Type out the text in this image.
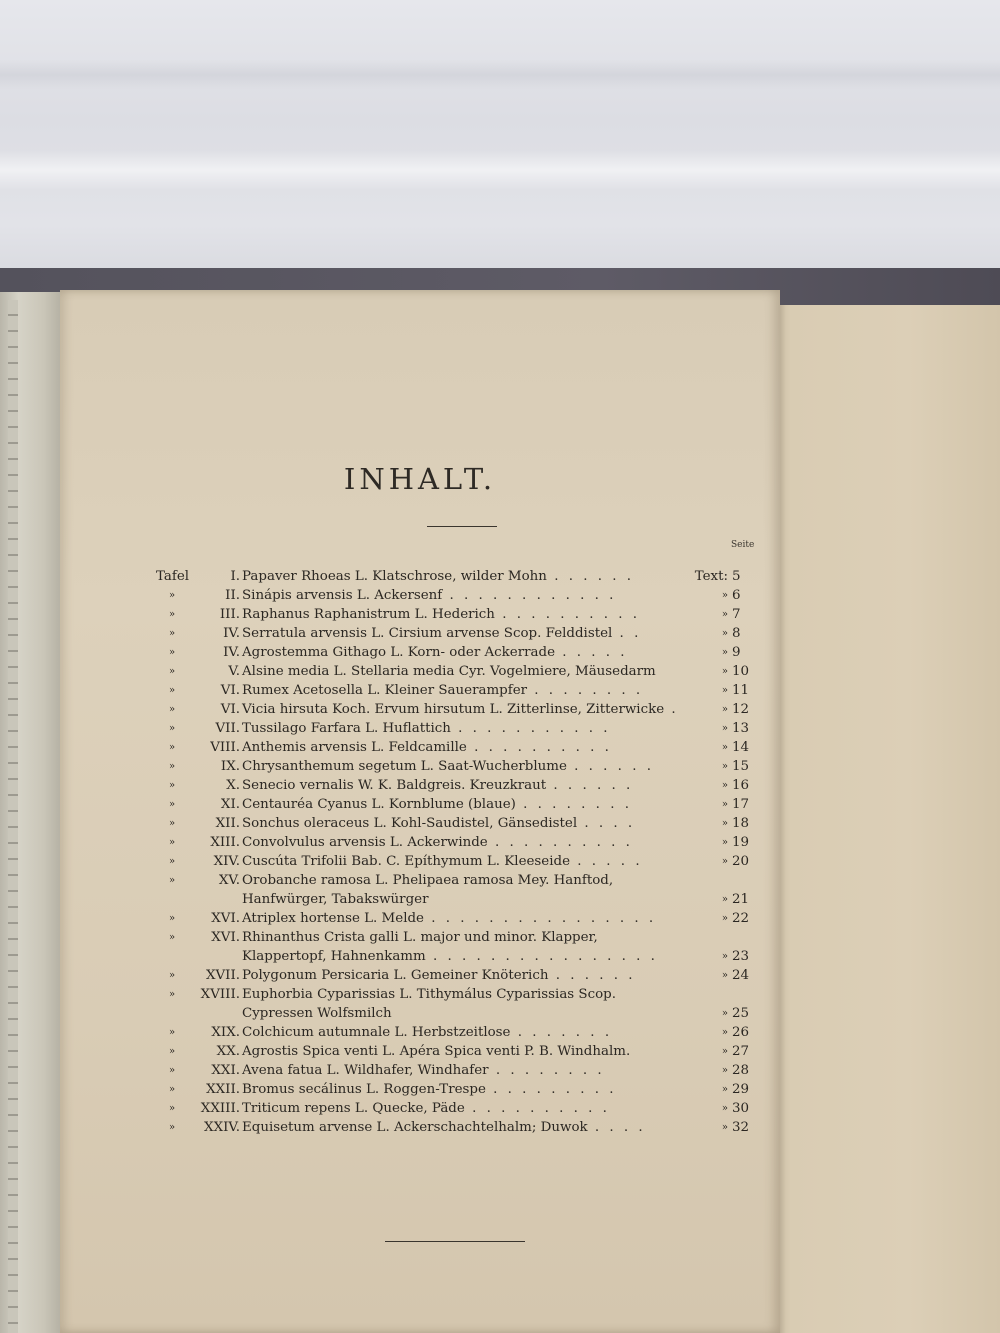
INHALT.
Seite
Tafel	I. Papaver Rhoeas L. Klatschrose, wilder Mohn . . . . . .	Text: 5
»	II. Sinápis arvensis L. Ackersenf . . . . . . . . . . . .	» 6
»	III. Raphanus Raphanistrum L. Hederich . . . . . . . . . .	» 7
»	IV. Serratula arvensis L. Cirsium arvense Scop. Felddistel . .	» 8
»	IV. Agrostemma Githago L. Korn- oder Ackerrade . . . . .	» 9
»	V. Alsine media L. Stellaria media Cyr. Vogelmiere, Mäusedarm	» 10
»	VI. Rumex Acetosella L. Kleiner Sauerampfer . . . . . . . .	» 11
»	VI. Vicia hirsuta Koch. Ervum hirsutum L. Zitterlinse, Zitterwicke .	» 12
»	VII. Tussilago Farfara L. Huflattich . . . . . . . . . . .	» 13
»	VIII. Anthemis arvensis L. Feldcamille . . . . . . . . . .	» 14
»	IX. Chrysanthemum segetum L. Saat-Wucherblume . . . . . .	» 15
»	X. Senecio vernalis W. K. Baldgreis. Kreuzkraut . . . . . .	» 16
»	XI. Centauréa Cyanus L. Kornblume (blaue) . . . . . . . .	» 17
»	XII. Sonchus oleraceus L. Kohl-Saudistel, Gänsedistel . . . .	» 18
»	XIII. Convolvulus arvensis L. Ackerwinde . . . . . . . . . .	» 19
»	XIV. Cuscúta Trifolii Bab. C. Epíthymum L. Kleeseide . . . . .	» 20
»	XV. Orobanche ramosa L. Phelipaea ramosa Mey. Hanftod, Hanfwürger, Tabakswürger	» 21
»	XVI. Atriplex hortense L. Melde . . . . . . . . . . . . . . . .	» 22
»	XVI. Rhinanthus Crista galli L. major und minor. Klapper, Klappertopf, Hahnenkamm . . . . . . . . . . . . . . . .	» 23
» XVII. Polygonum Persicaria L. Gemeiner Knöterich . . . . . .	» 24
» XVIII. Euphorbia Cyparissias L. Tithymálus Cyparissias Scop. Cypressen Wolfsmilch	» 25
»	XIX. Colchicum autumnale L. Herbstzeitlose . . . . . . .	» 26
»	XX. Agrostis Spica venti L. Apéra Spica venti P. B. Windhalm.	» 27
»	XXI. Avena fatua L. Wildhafer, Windhafer . . . . . . . .	» 28
» XXII. Bromus secálinus L. Roggen-Trespe . . . . . . . . .	» 29
» XXIII. Triticum repens L. Quecke, Päde . . . . . . . . . .	» 30
» XXIV. Equisetum arvense L. Ackerschachtelhalm; Duwok . . . .	» 32
